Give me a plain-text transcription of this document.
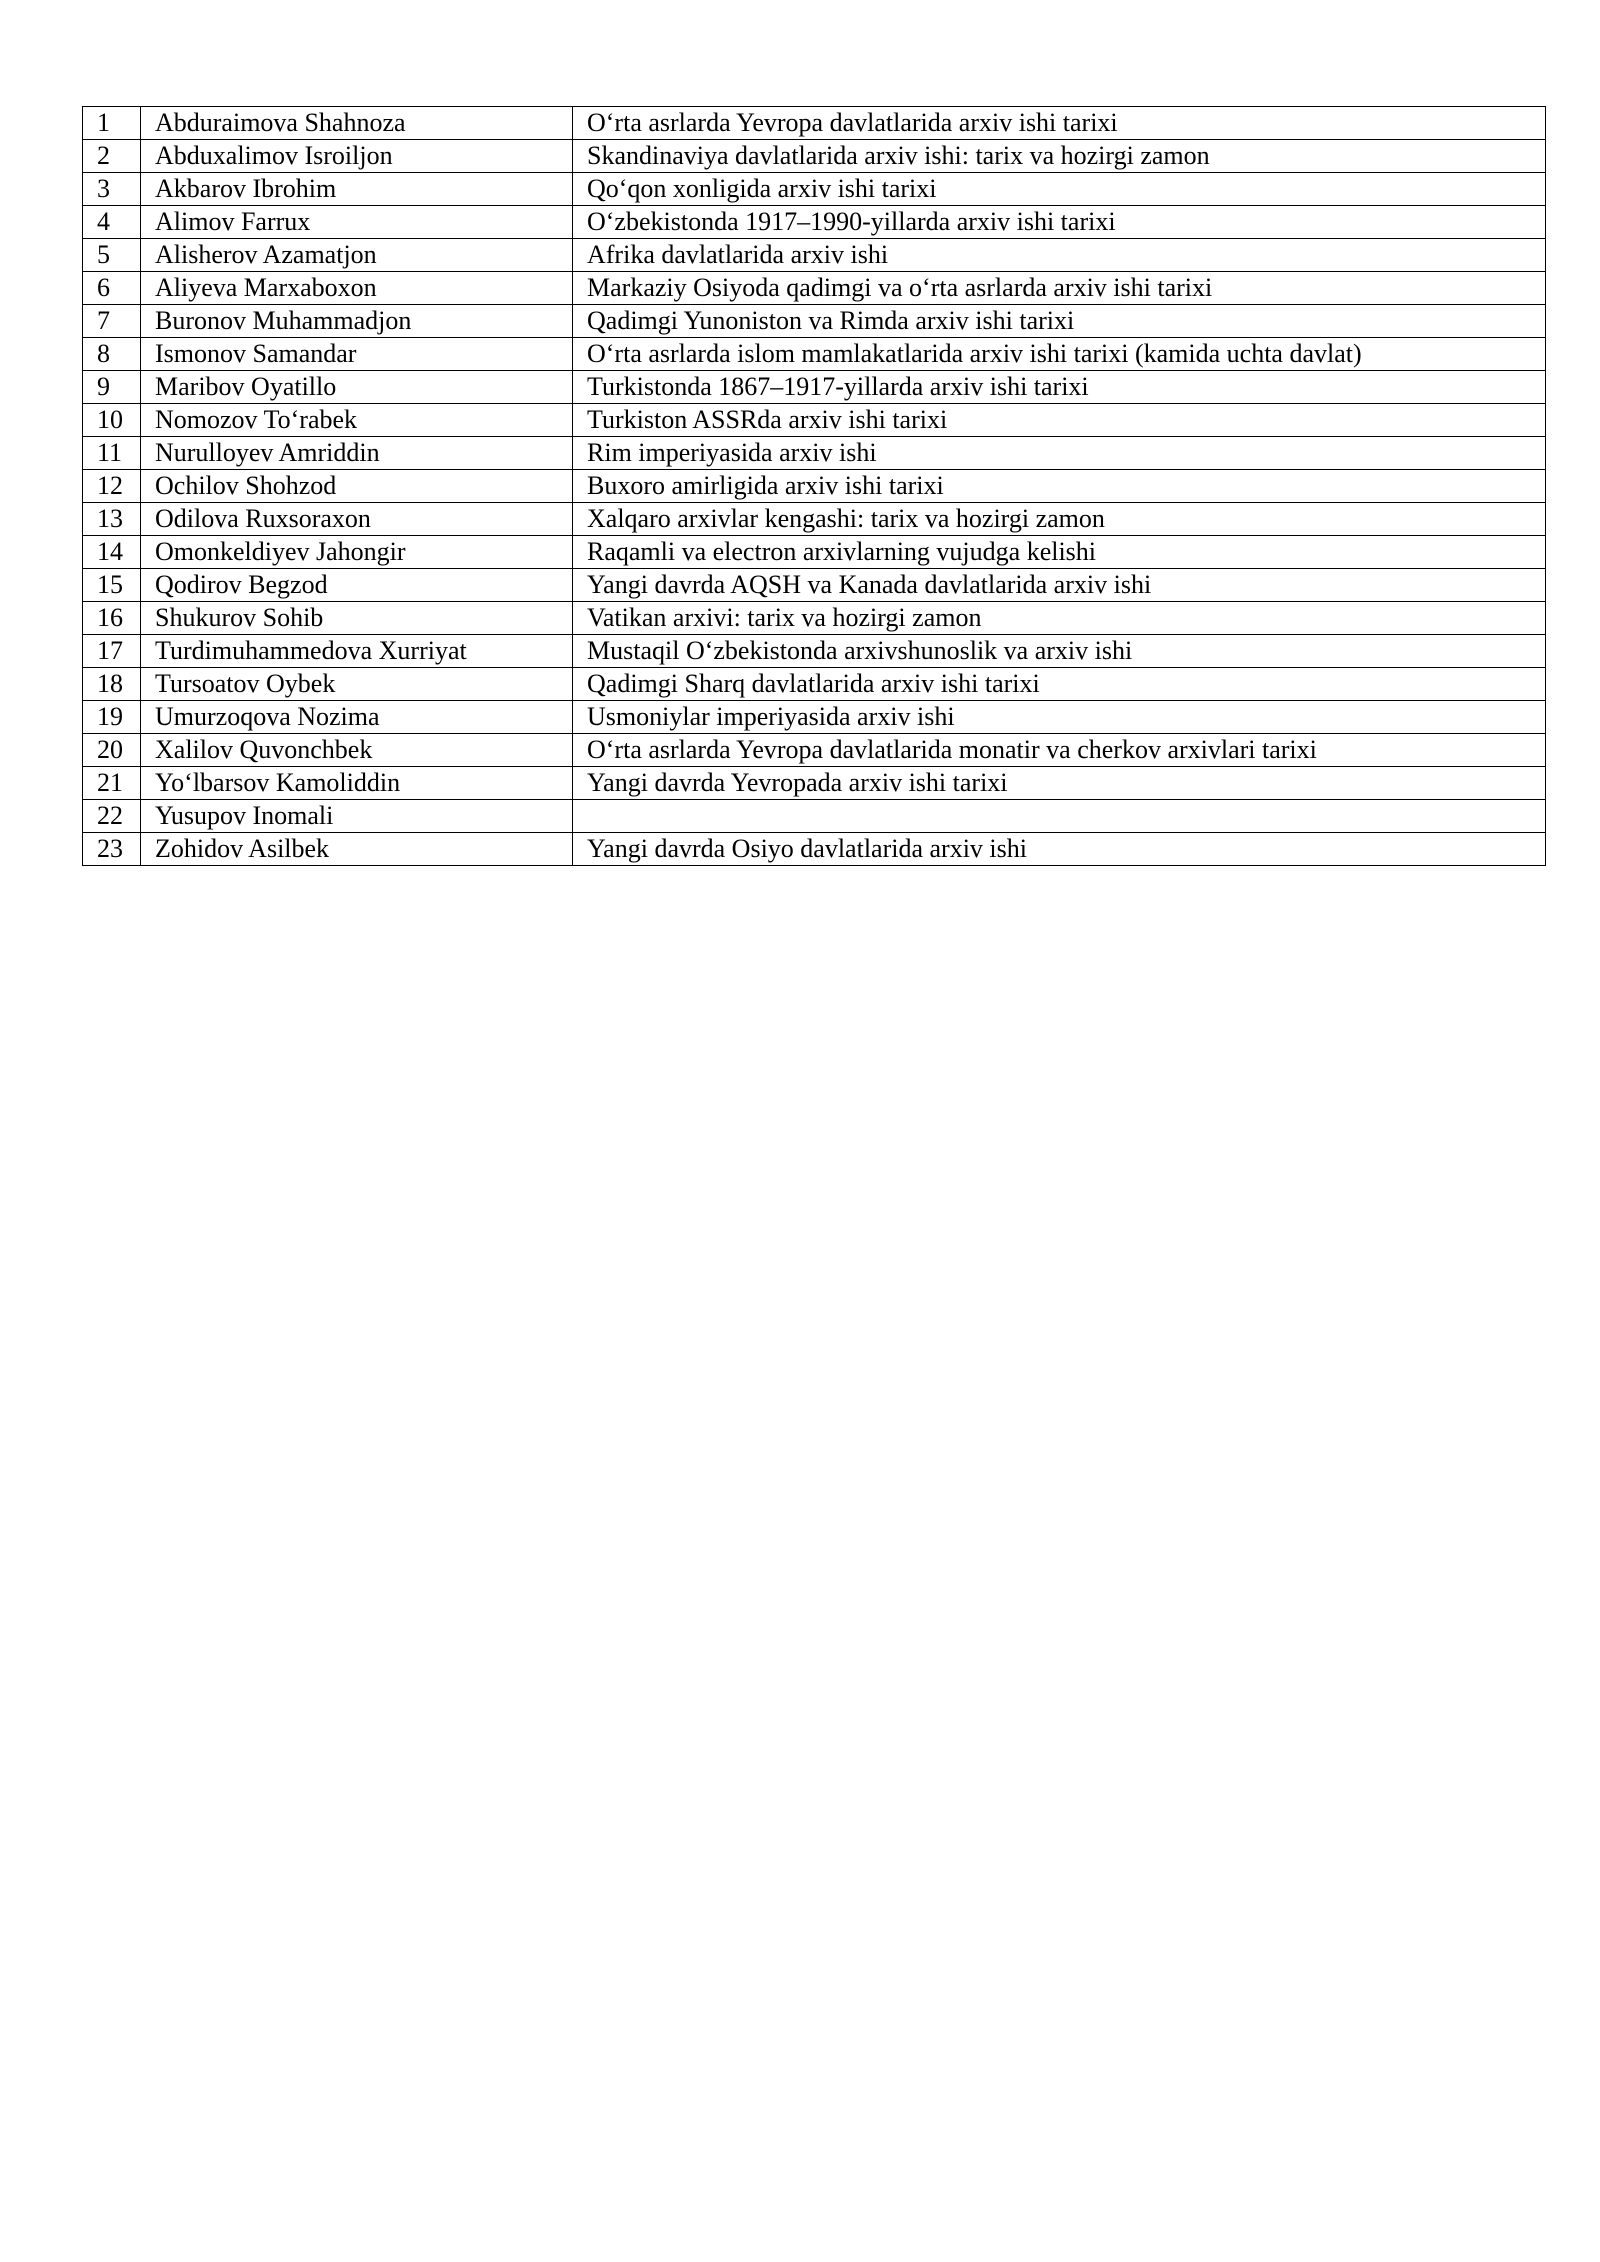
1	Abduraimova Shahnoza	O‘rta asrlarda Yevropa davlatlarida arxiv ishi tarixi
2	Abduxalimov Isroiljon	Skandinaviya davlatlarida arxiv ishi: tarix va hozirgi zamon
3	Akbarov Ibrohim	Qo‘qon xonligida arxiv ishi tarixi
4	Alimov Farrux	O‘zbekistonda 1917–1990-yillarda arxiv ishi tarixi
5	Alisherov Azamatjon	Afrika davlatlarida arxiv ishi
6	Aliyeva Marxaboxon	Markaziy Osiyoda qadimgi va o‘rta asrlarda arxiv ishi tarixi
7	Buronov Muhammadjon	Qadimgi Yunoniston va Rimda arxiv ishi tarixi
8	Ismonov Samandar	O‘rta asrlarda islom mamlakatlarida arxiv ishi tarixi (kamida uchta davlat)
9	Maribov Oyatillo	Turkistonda 1867–1917-yillarda arxiv ishi tarixi
10	Nomozov To‘rabek	Turkiston ASSRda arxiv ishi tarixi
11	Nurulloyev Amriddin	Rim imperiyasida arxiv ishi
12	Ochilov Shohzod	Buxoro amirligida arxiv ishi tarixi
13	Odilova Ruxsoraxon	Xalqaro arxivlar kengashi: tarix va hozirgi zamon
14	Omonkeldiyev Jahongir	Raqamli va electron arxivlarning vujudga kelishi
15	Qodirov Begzod	Yangi davrda AQSH va Kanada davlatlarida arxiv ishi
16	Shukurov Sohib	Vatikan arxivi: tarix va hozirgi zamon
17	Turdimuhammedova Xurriyat	Mustaqil O‘zbekistonda arxivshunoslik va arxiv ishi
18	Tursoatov Oybek	Qadimgi Sharq davlatlarida arxiv ishi tarixi
19	Umurzoqova Nozima	Usmoniylar imperiyasida arxiv ishi
20	Xalilov Quvonchbek	O‘rta asrlarda Yevropa davlatlarida monatir va cherkov arxivlari tarixi
21	Yo‘lbarsov Kamoliddin	Yangi davrda Yevropada arxiv ishi tarixi
22	Yusupov Inomali	
23	Zohidov Asilbek	Yangi davrda Osiyo davlatlarida arxiv ishi
